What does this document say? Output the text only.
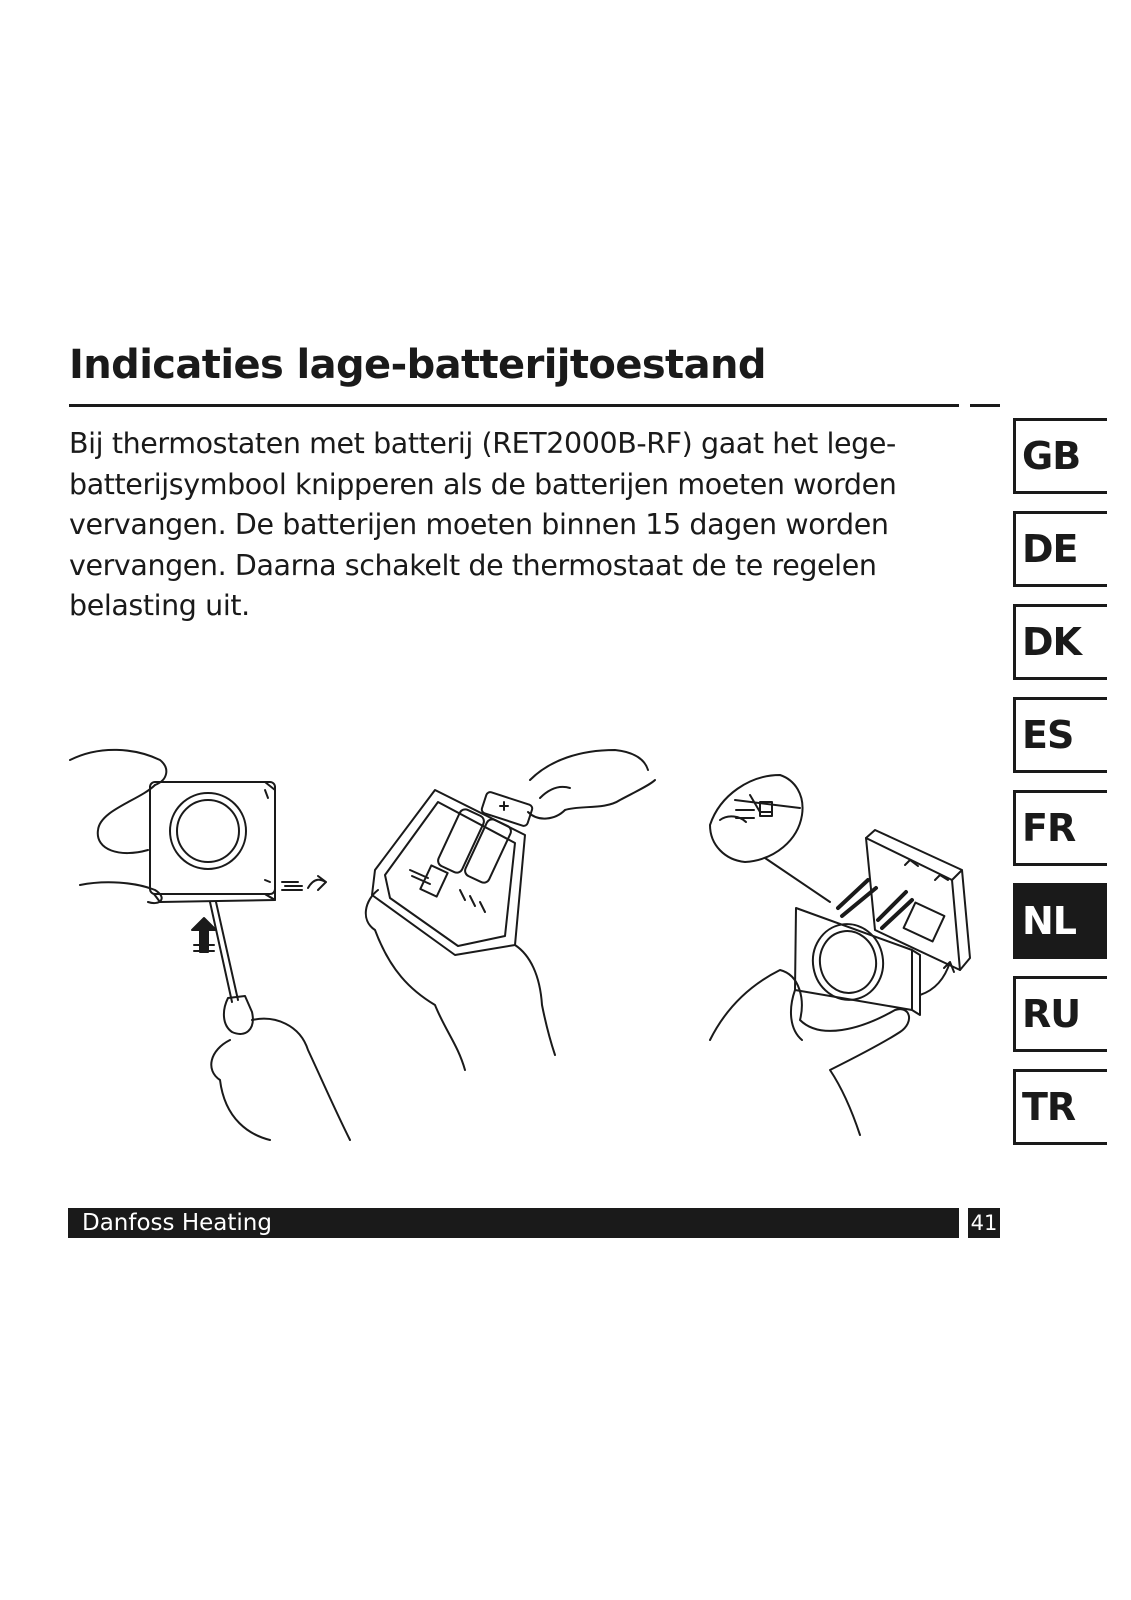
Indicaties lage-batterijtoestand

Bij thermostaten met batterij (RET2000B-RF) gaat het lege-
batterijsymbool knipperen als de batterijen moeten worden
vervangen. De batterijen moeten binnen 15 dagen worden
vervangen. Daarna schakelt de thermostaat de te regelen
belasting uit.

GB
DE
DK
ES
FR
NL
RU
TR
Danfoss Heating	41
